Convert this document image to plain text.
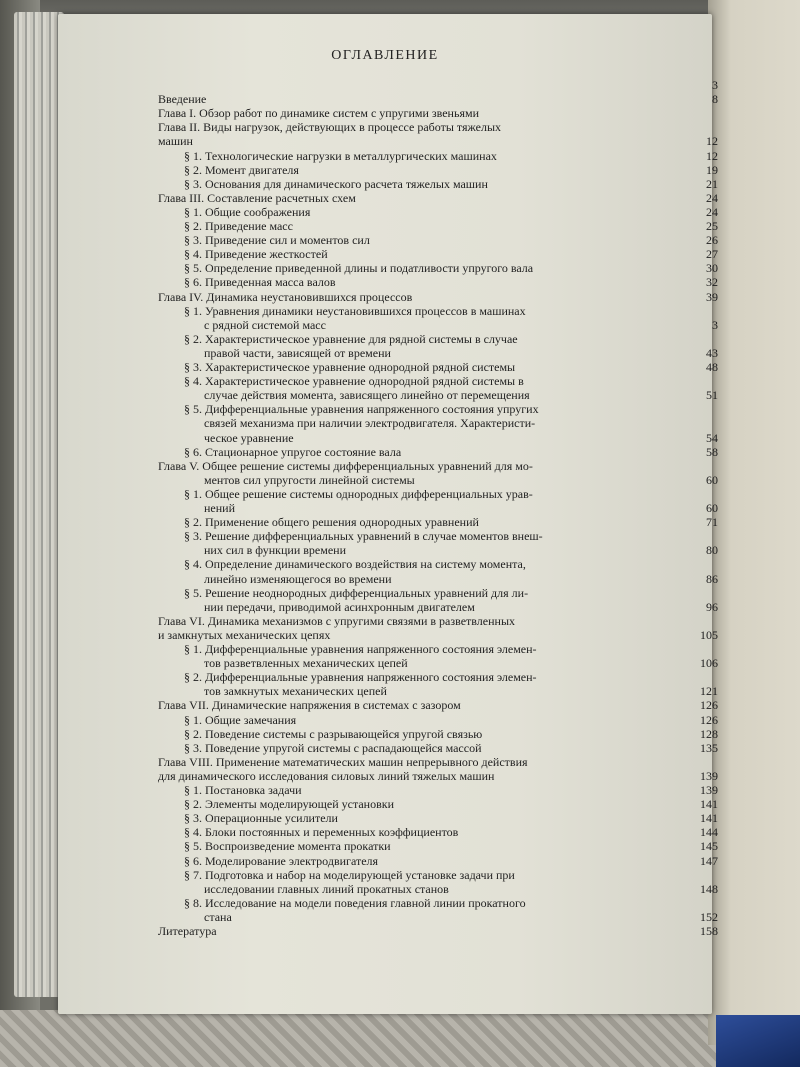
ОГЛАВЛЕНИЕ
3
Введение	8
Глава I. Обзор работ по динамике систем с упругими звеньями
Глава II. Виды нагрузок, действующих в процессе работы тяжелых
машин	12
§ 1. Технологические нагрузки в металлургических машинах	12
§ 2. Момент двигателя	19
§ 3. Основания для динамического расчета тяжелых машин	21
Глава III. Составление расчетных схем	24
§ 1. Общие соображения	24
§ 2. Приведение масс	25
§ 3. Приведение сил и моментов сил	26
§ 4. Приведение жесткостей	27
§ 5. Определение приведенной длины и податливости упругого вала	30
§ 6. Приведенная масса валов	32
Глава IV. Динамика неустановившихся процессов	39
§ 1. Уравнения динамики неустановившихся процессов в машинах
с рядной системой масс	3
§ 2. Характеристическое уравнение для рядной системы в случае
правой части, зависящей от времени	43
§ 3. Характеристическое уравнение однородной рядной системы	48
§ 4. Характеристическое уравнение однородной рядной системы в
случае действия момента, зависящего линейно от перемещения	51
§ 5. Дифференциальные уравнения напряженного состояния упругих
связей механизма при наличии электродвигателя. Характеристи-
ческое уравнение	54
§ 6. Стационарное упругое состояние вала	58
Глава V. Общее решение системы дифференциальных уравнений для мо-
ментов сил упругости линейной системы	60
§ 1. Общее решение системы однородных дифференциальных урав-
нений	60
§ 2. Применение общего решения однородных уравнений	71
§ 3. Решение дифференциальных уравнений в случае моментов внеш-
них сил в функции времени	80
§ 4. Определение динамического воздействия на систему момента,
линейно изменяющегося во времени	86
§ 5. Решение неоднородных дифференциальных уравнений для ли-
нии передачи, приводимой асинхронным двигателем	96
Глава VI. Динамика механизмов с упругими связями в разветвленных
и замкнутых механических цепях	105
§ 1. Дифференциальные уравнения напряженного состояния элемен-
тов разветвленных механических цепей	106
§ 2. Дифференциальные уравнения напряженного состояния элемен-
тов замкнутых механических цепей	121
Глава VII. Динамические напряжения в системах с зазором	126
§ 1. Общие замечания	126
§ 2. Поведение системы с разрывающейся упругой связью	128
§ 3. Поведение упругой системы с распадающейся массой	135
Глава VIII. Применение математических машин непрерывного действия
для динамического исследования силовых линий тяжелых машин	139
§ 1. Постановка задачи	139
§ 2. Элементы моделирующей установки	141
§ 3. Операционные усилители	141
§ 4. Блоки постоянных и переменных коэффициентов	144
§ 5. Воспроизведение момента прокатки	145
§ 6. Моделирование электродвигателя	147
§ 7. Подготовка и набор на моделирующей установке задачи при
исследовании главных линий прокатных станов	148
§ 8. Исследование на модели поведения главной линии прокатного
стана	152
Литература	158
